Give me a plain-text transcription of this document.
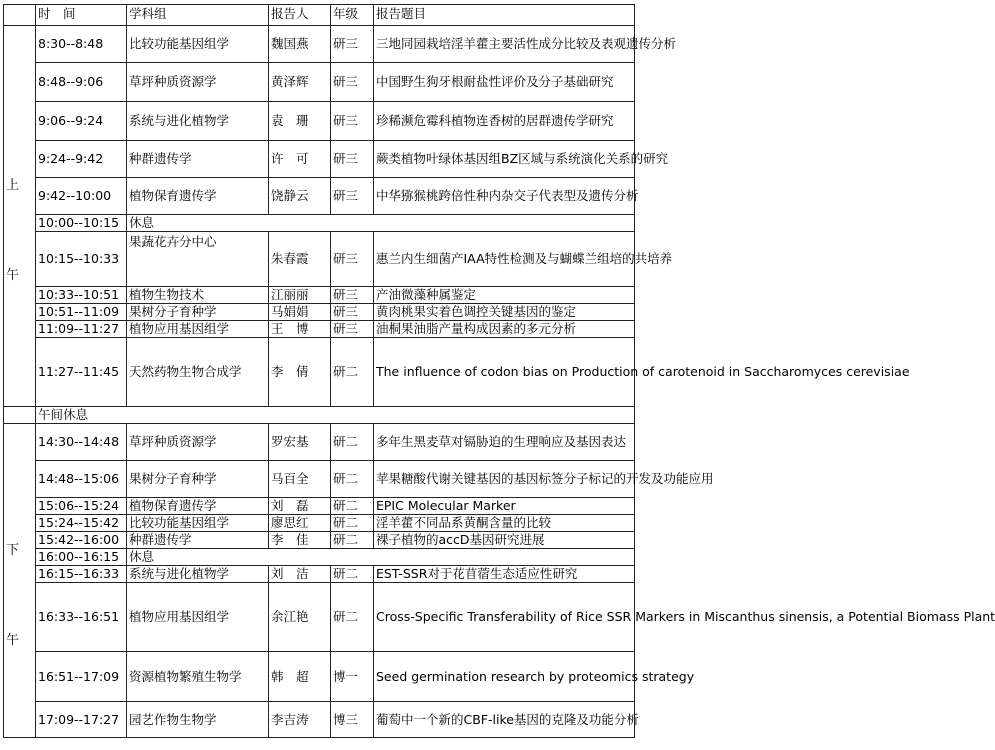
	时　间	学科组	报告人	年级	报告题目

上
午	8:30--8:48	比较功能基因组学	魏国燕	研三	三地同园栽培淫羊藿主要活性成分比较及表观遗传分析
	8:48--9:06	草坪种质资源学	黄泽辉	研三	中国野生狗牙根耐盐性评价及分子基础研究
	9:06--9:24	系统与进化植物学	袁　珊	研三	珍稀濒危霉科植物连香树的居群遗传学研究
	9:24--9:42	种群遗传学	许　可	研三	蕨类植物叶绿体基因组BZ区域与系统演化关系的研究
	9:42--10:00	植物保育遗传学	饶静云	研三	中华猕猴桃跨倍性种内杂交子代表型及遗传分析
	10:00--10:15	休息			
	10:15--10:33	果蔬花卉分中心	朱春霞	研三	惠兰内生细菌产IAA特性检测及与蝴蝶兰组培的共培养
	10:33--10:51	植物生物技术	江丽丽	研三	产油微藻种属鉴定
	10:51--11:09	果树分子育种学	马娟娟	研三	黄肉桃果实着色调控关键基因的鉴定
	11:09--11:27	植物应用基因组学	王　博	研三	油桐果油脂产量构成因素的多元分析
	11:27--11:45	天然药物生物合成学	李　倩	研二	The influence of codon bias on Production of carotenoid in Saccharomyces cerevisiae
	午间休息				

下
午	14:30--14:48	草坪种质资源学	罗宏基	研二	多年生黑麦草对镉胁迫的生理响应及基因表达
	14:48--15:06	果树分子育种学	马百全	研二	苹果糖酸代谢关键基因的基因标签分子标记的开发及功能应用
	15:06--15:24	植物保育遗传学	刘　磊	研二	EPIC Molecular Marker
	15:24--15:42	比较功能基因组学	廖思红	研二	淫羊藿不同品系黄酮含量的比较
	15:42--16:00	种群遗传学	李　佳	研二	裸子植物的accD基因研究进展
	16:00--16:15	休息			
	16:15--16:33	系统与进化植物学	刘　洁	研二	EST-SSR对于花苜蓿生态适应性研究
	16:33--16:51	植物应用基因组学	余江艳	研二	Cross-Specific Transferability of Rice SSR Markers in Miscanthus sinensis, a Potential Biomass Plant
	16:51--17:09	资源植物繁殖生物学	韩　超	博一	Seed germination research by proteomics strategy
	17:09--17:27	园艺作物生物学	李吉涛	博三	葡萄中一个新的CBF-like基因的克隆及功能分析
